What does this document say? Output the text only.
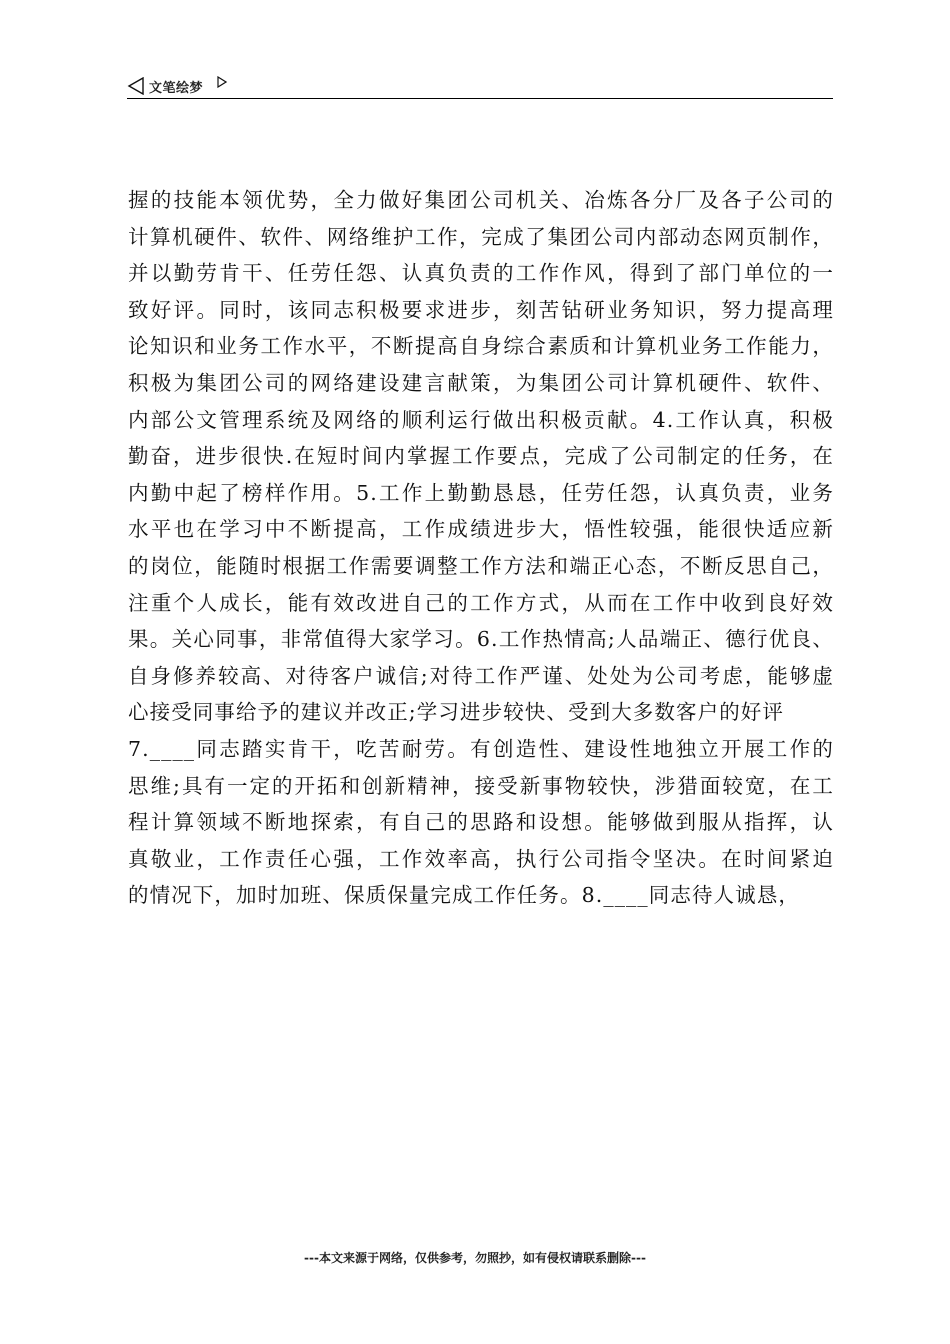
文笔绘梦
握的技能本领优势，全力做好集团公司机关、冶炼各分厂及各子公司的
计算机硬件、软件、网络维护工作，完成了集团公司内部动态网页制作，
并以勤劳肯干、任劳任怨、认真负责的工作作风，得到了部门单位的一
致好评。同时，该同志积极要求进步，刻苦钻研业务知识，努力提高理
论知识和业务工作水平，不断提高自身综合素质和计算机业务工作能力，
积极为集团公司的网络建设建言献策，为集团公司计算机硬件、软件、
内部公文管理系统及网络的顺利运行做出积极贡献。4.工作认真，积极
勤奋，进步很快.在短时间内掌握工作要点，完成了公司制定的任务，在
内勤中起了榜样作用。5.工作上勤勤恳恳，任劳任怨，认真负责，业务
水平也在学习中不断提高，工作成绩进步大，悟性较强，能很快适应新
的岗位，能随时根据工作需要调整工作方法和端正心态，不断反思自己，
注重个人成长，能有效改进自己的工作方式，从而在工作中收到良好效
果。关心同事，非常值得大家学习。6.工作热情高;人品端正、德行优良、
自身修养较高、对待客户诚信;对待工作严谨、处处为公司考虑，能够虚
心接受同事给予的建议并改正;学习进步较快、受到大多数客户的好评
7.____同志踏实肯干，吃苦耐劳。有创造性、建设性地独立开展工作的
思维;具有一定的开拓和创新精神，接受新事物较快，涉猎面较宽，在工
程计算领域不断地探索，有自己的思路和设想。能够做到服从指挥，认
真敬业，工作责任心强，工作效率高，执行公司指令坚决。在时间紧迫
的情况下，加时加班、保质保量完成工作任务。8.____同志待人诚恳，
---本文来源于网络，仅供参考，勿照抄，如有侵权请联系删除---
